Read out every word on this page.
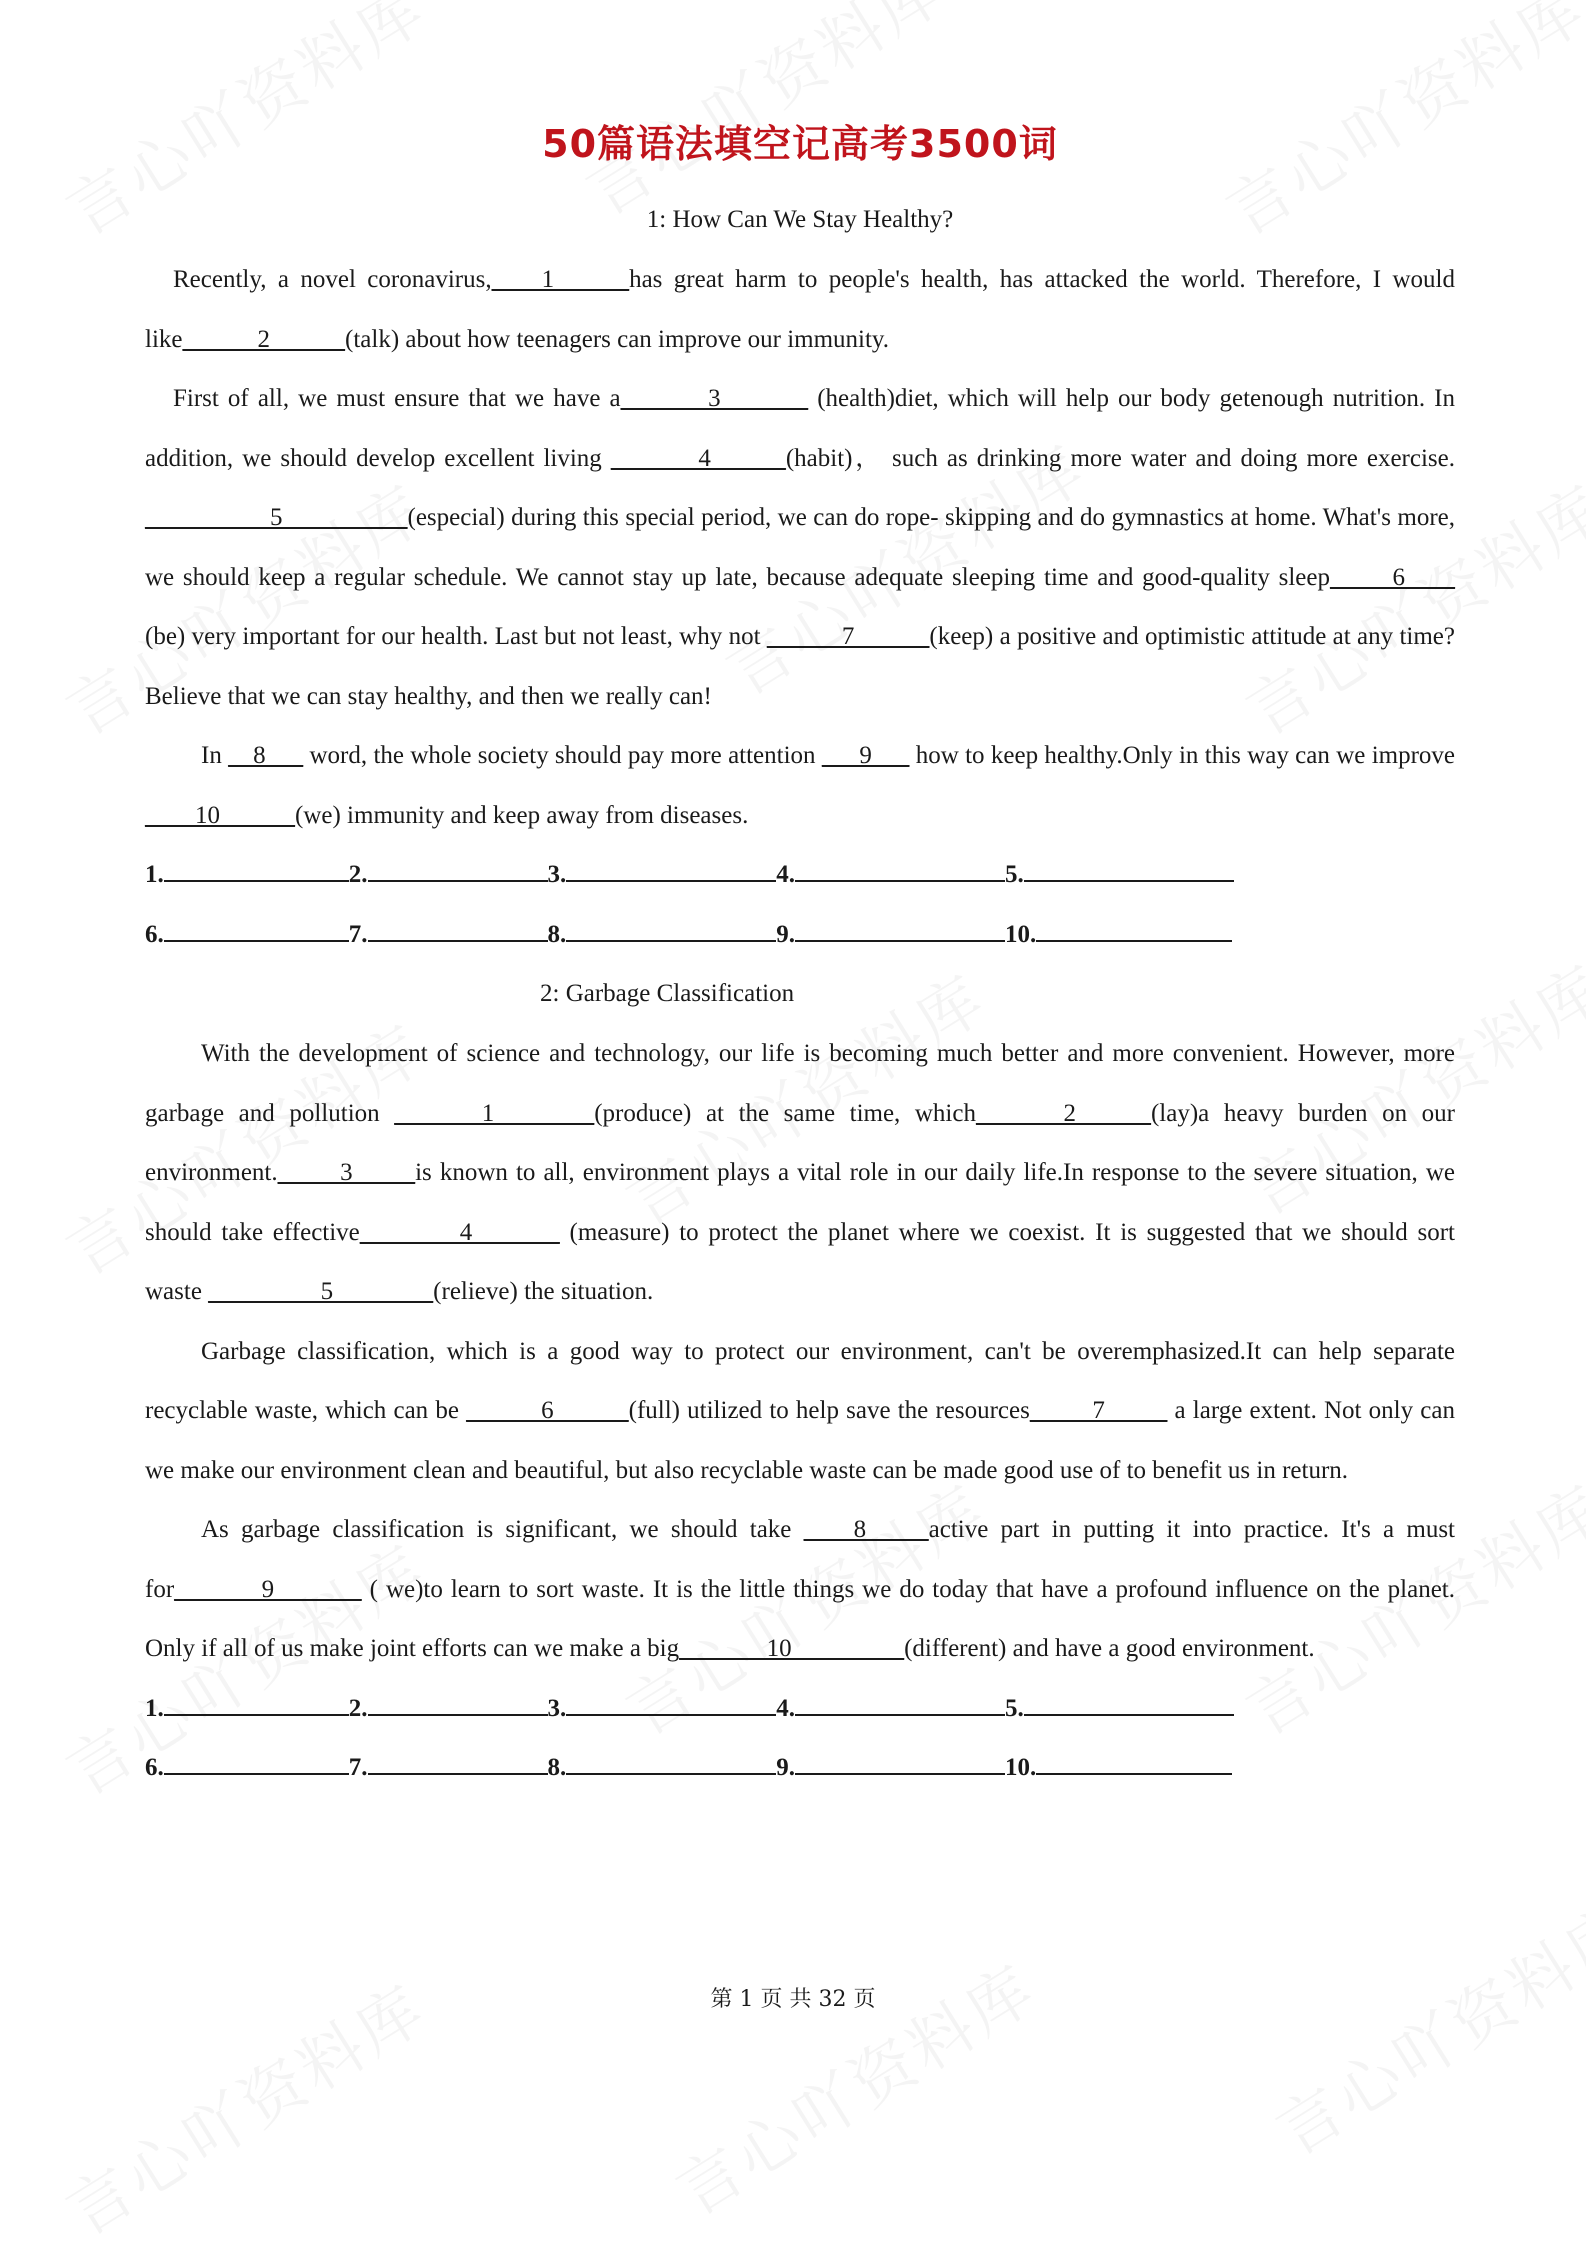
50篇语法填空记高考3500词
1: How Can We Stay Healthy?

Recently, a novel coronavirus,____1______has great harm to people's health, has attacked the world. Therefore, I would like______2______(talk) about how teenagers can improve our immunity.

First of all, we must ensure that we have a_______3_______ (health)diet, which will help our body getenough nutrition. In addition, we should develop excellent living _______4______(habit)， such as drinking more water and doing more exercise. __________5__________(especial) during this special period, we can do rope- skipping and do gymnastics at home. What's more, we should keep a regular schedule. We cannot stay up late, because adequate sleeping time and good-quality sleep_____6____ (be) very important for our health. Last but not least, why not ______7______(keep) a positive and optimistic attitude at any time? Believe that we can stay healthy, and then we really can!

In __8___ word, the whole society should pay more attention ___9___ how to keep healthy.Only in this way can we improve ____10______(we) immunity and keep away from diseases.

1.	2.	3.	4.	5.
6.	7.	8.	9.	10.
2: Garbage Classification

With the development of science and technology, our life is becoming much better and more convenient. However, more garbage and pollution _______1________(produce) at the same time, which_______2______(lay)a heavy burden on our environment._____3_____is known to all, environment plays a vital role in our daily life.In response to the severe situation, we should take effective________4_______ (measure) to protect the planet where we coexist. It is suggested that we should sort waste _________5________(relieve) the situation.

Garbage classification, which is a good way to protect our environment, can't be overemphasized.It can help separate recyclable waste, which can be ______6______(full) utilized to help save the resources_____7_____ a large extent. Not only can we make our environment clean and beautiful, but also recyclable waste can be made good use of to benefit us in return.

As garbage classification is significant, we should take ____8_____active part in putting it into practice. It's a must for_______9_______ ( we)to learn to sort waste. It is the little things we do today that have a profound influence on the planet. Only if all of us make joint efforts can we make a big_______10_________(different) and have a good environment.

1.	2.	3.	4.	5.
6.	7.	8.	9.	10.
第 1 页 共 32 页
